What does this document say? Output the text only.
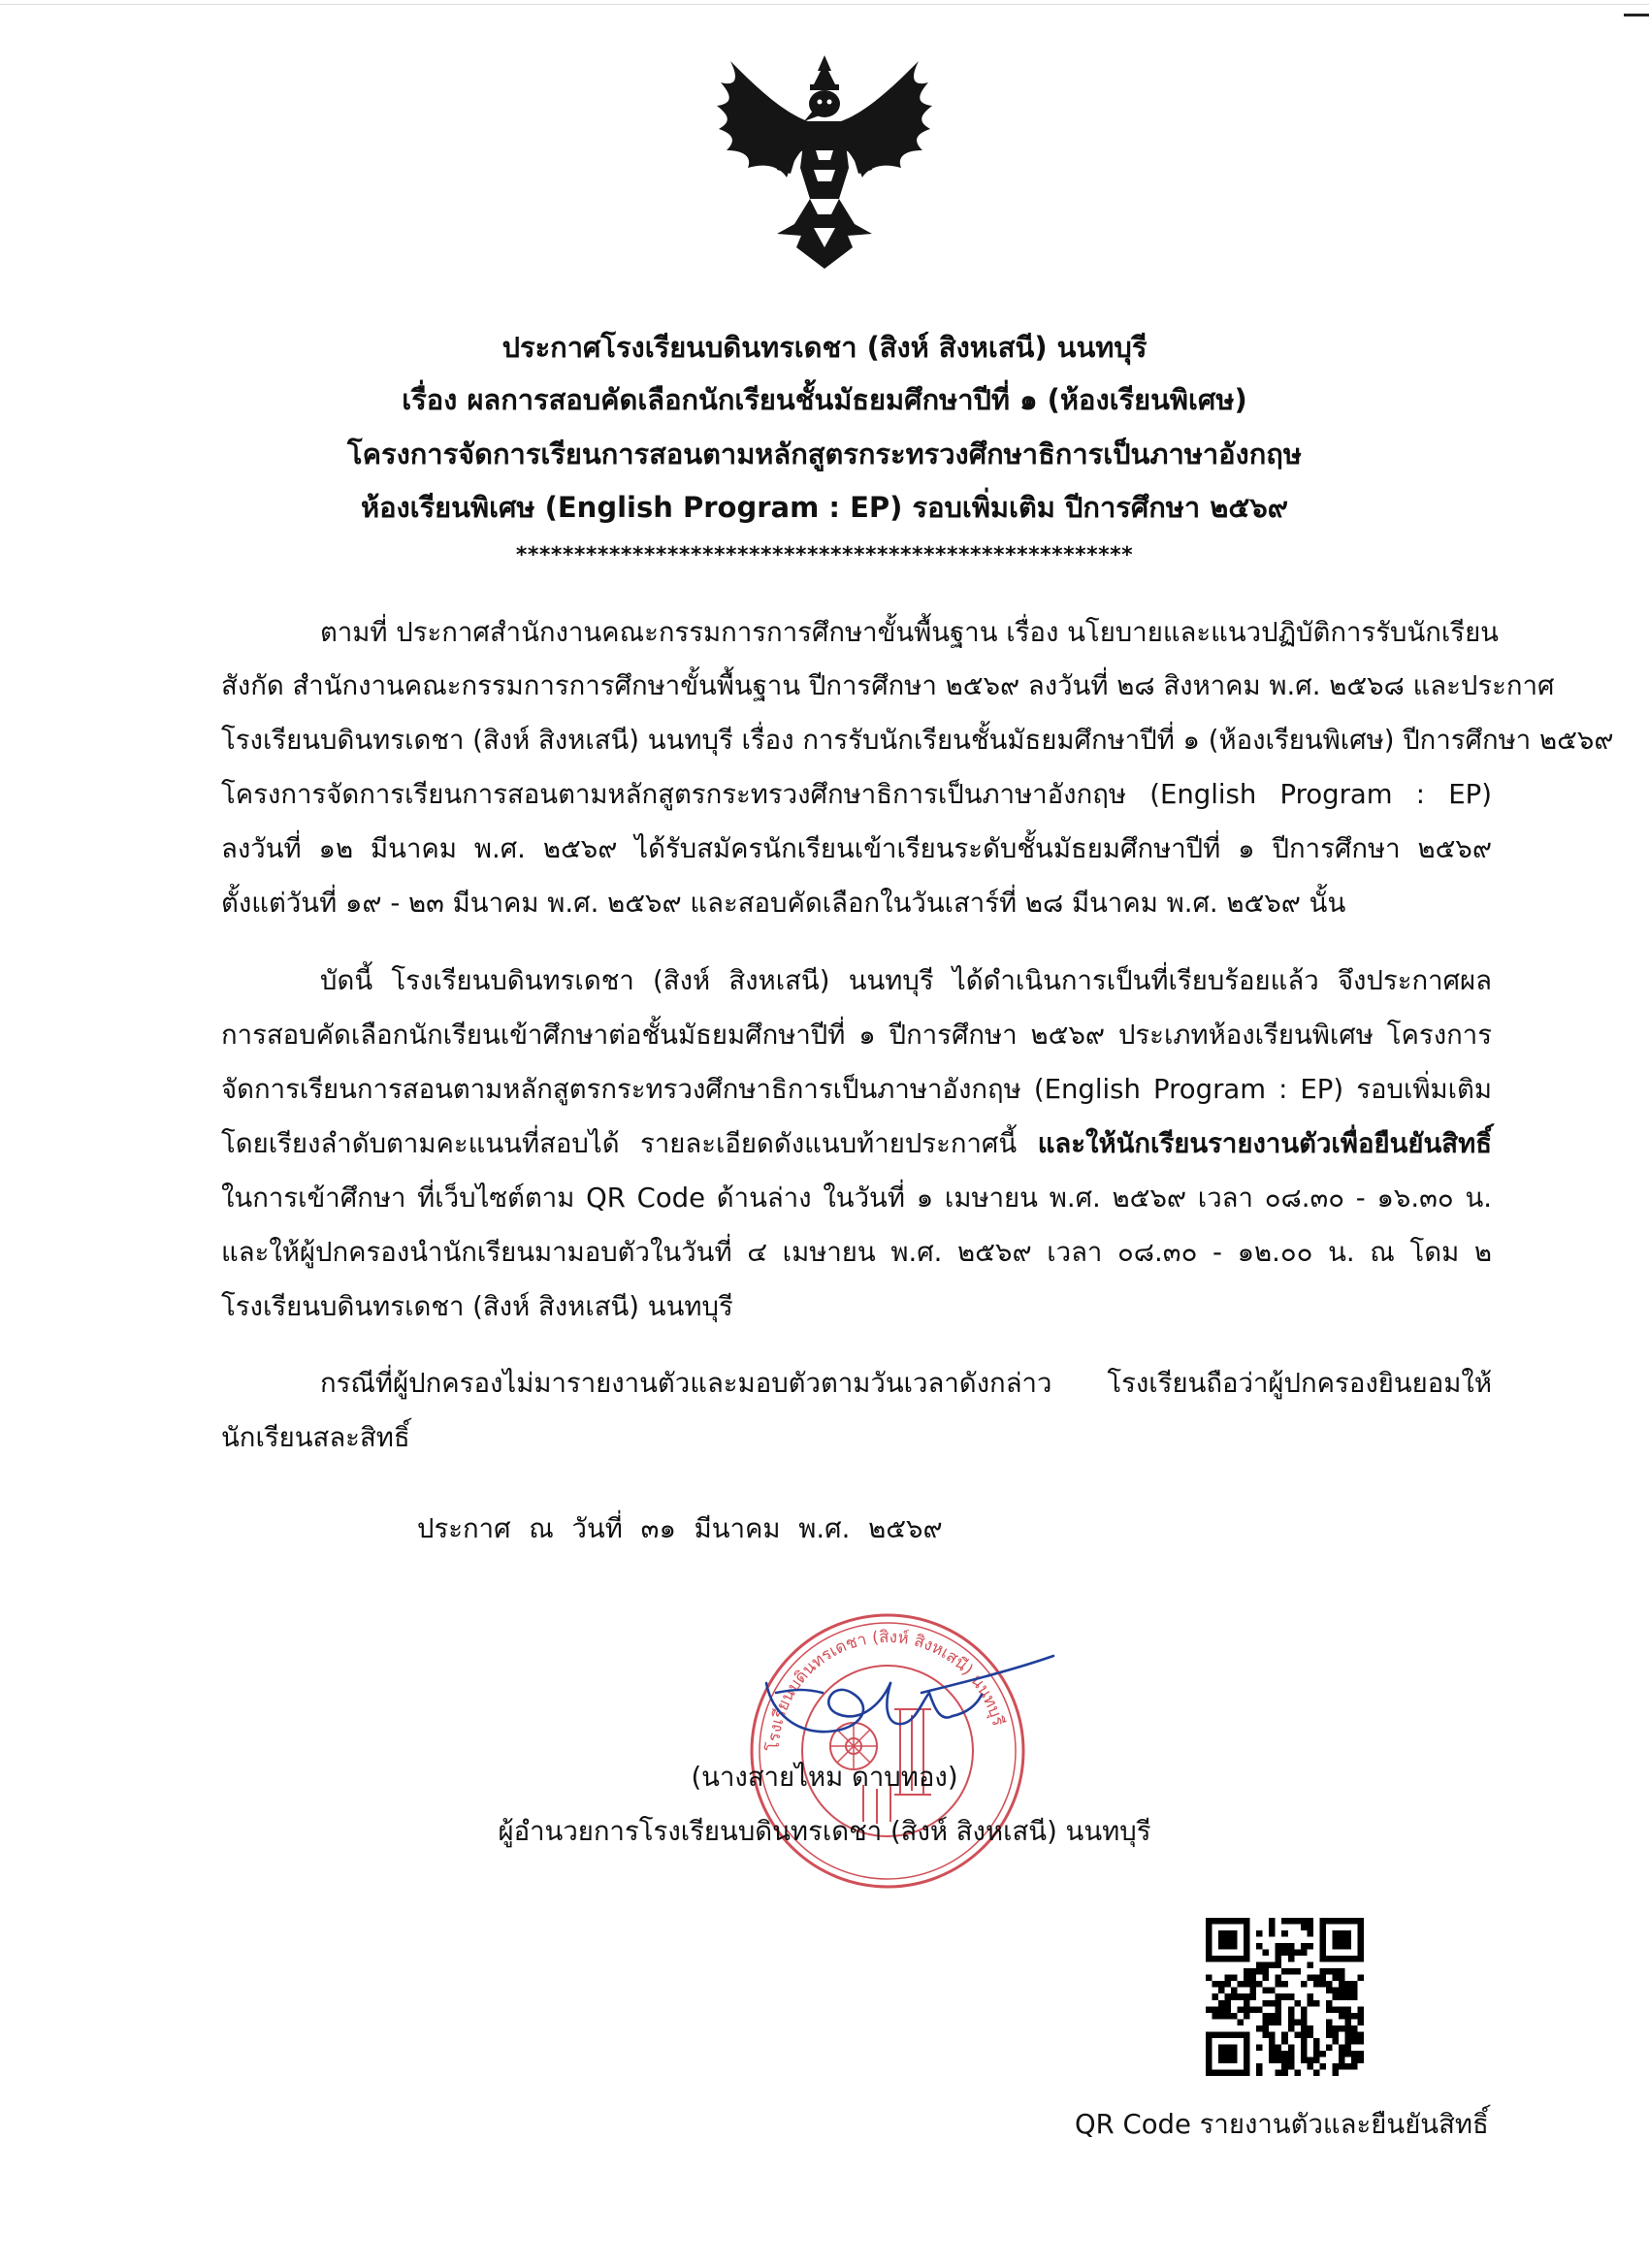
ประกาศโรงเรียนบดินทรเดชา (สิงห์ สิงหเสนี) นนทบุรี
เรื่อง ผลการสอบคัดเลือกนักเรียนชั้นมัธยมศึกษาปีที่ ๑ (ห้องเรียนพิเศษ)
โครงการจัดการเรียนการสอนตามหลักสูตรกระทรวงศึกษาธิการเป็นภาษาอังกฤษ
ห้องเรียนพิเศษ (English Program : EP) รอบเพิ่มเติม ปีการศึกษา ๒๕๖๙
*****************************************************
ตามที่ ประกาศสำนักงานคณะกรรมการการศึกษาขั้นพื้นฐาน เรื่อง นโยบายและแนวปฏิบัติการรับนักเรียน
สังกัด สำนักงานคณะกรรมการการศึกษาขั้นพื้นฐาน ปีการศึกษา ๒๕๖๙ ลงวันที่ ๒๘ สิงหาคม พ.ศ. ๒๕๖๘ และประกาศ
โรงเรียนบดินทรเดชา (สิงห์ สิงหเสนี) นนทบุรี เรื่อง การรับนักเรียนชั้นมัธยมศึกษาปีที่ ๑ (ห้องเรียนพิเศษ) ปีการศึกษา ๒๕๖๙
โครงการจัดการเรียนการสอนตามหลักสูตรกระทรวงศึกษาธิการเป็นภาษาอังกฤษ (English Program : EP)
ลงวันที่ ๑๒ มีนาคม พ.ศ. ๒๕๖๙ ได้รับสมัครนักเรียนเข้าเรียนระดับชั้นมัธยมศึกษาปีที่ ๑ ปีการศึกษา ๒๕๖๙
ตั้งแต่วันที่ ๑๙ - ๒๓ มีนาคม พ.ศ. ๒๕๖๙ และสอบคัดเลือกในวันเสาร์ที่ ๒๘ มีนาคม พ.ศ. ๒๕๖๙ นั้น
บัดนี้ โรงเรียนบดินทรเดชา (สิงห์ สิงหเสนี) นนทบุรี ได้ดำเนินการเป็นที่เรียบร้อยแล้ว จึงประกาศผล
การสอบคัดเลือกนักเรียนเข้าศึกษาต่อชั้นมัธยมศึกษาปีที่ ๑ ปีการศึกษา ๒๕๖๙ ประเภทห้องเรียนพิเศษ โครงการ
จัดการเรียนการสอนตามหลักสูตรกระทรวงศึกษาธิการเป็นภาษาอังกฤษ (English Program : EP) รอบเพิ่มเติม
โดยเรียงลำดับตามคะแนนที่สอบได้ รายละเอียดดังแนบท้ายประกาศนี้ และให้นักเรียนรายงานตัวเพื่อยืนยันสิทธิ์
ในการเข้าศึกษา ที่เว็บไซต์ตาม QR Code ด้านล่าง ในวันที่ ๑ เมษายน พ.ศ. ๒๕๖๙ เวลา ๐๘.๓๐ - ๑๖.๓๐ น.
และให้ผู้ปกครองนำนักเรียนมามอบตัวในวันที่ ๔ เมษายน พ.ศ. ๒๕๖๙ เวลา ๐๘.๓๐ - ๑๒.๐๐ น. ณ โดม ๒
โรงเรียนบดินทรเดชา (สิงห์ สิงหเสนี) นนทบุรี
กรณีที่ผู้ปกครองไม่มารายงานตัวและมอบตัวตามวันเวลาดังกล่าว โรงเรียนถือว่าผู้ปกครองยินยอมให้
นักเรียนสละสิทธิ์
ประกาศ ณ วันที่ ๓๑ มีนาคม พ.ศ. ๒๕๖๙
โรงเรียนบดินทรเดชา (สิงห์ สิงหเสนี) นนทบุรี
(นางสายไหม ดาบทอง)
ผู้อำนวยการโรงเรียนบดินทรเดชา (สิงห์ สิงหเสนี) นนทบุรี
QR Code รายงานตัวและยืนยันสิทธิ์
